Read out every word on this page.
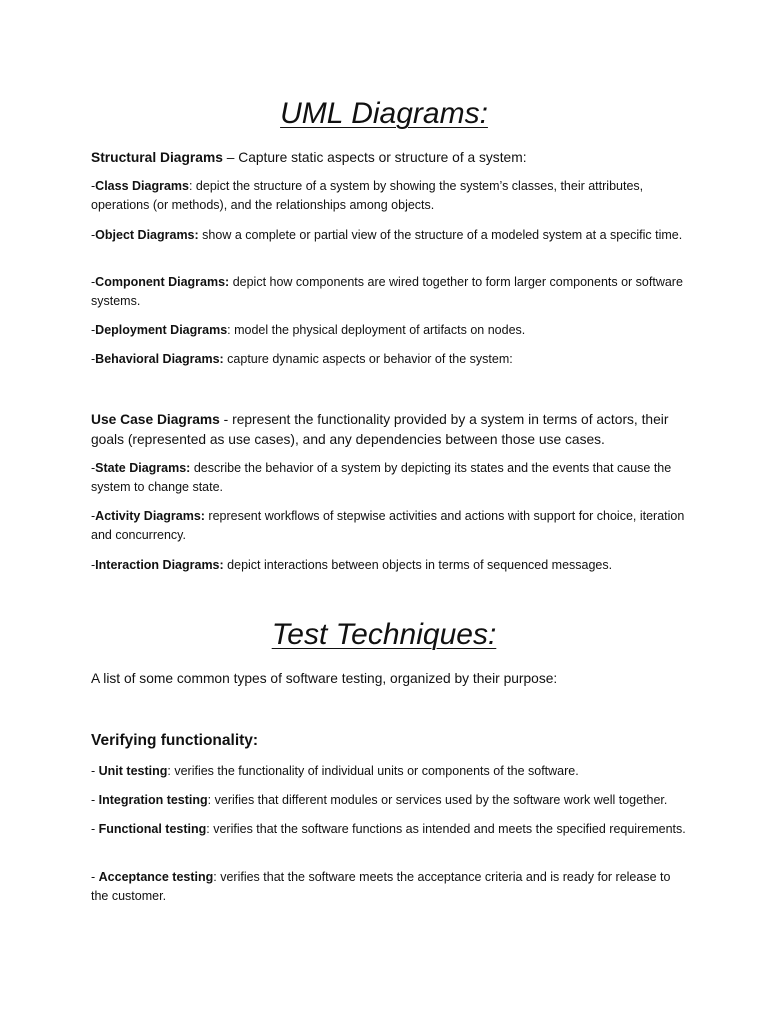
UML Diagrams:

Structural Diagrams – Capture static aspects or structure of a system:

-Class Diagrams: depict the structure of a system by showing the system’s classes, their attributes, operations (or methods), and the relationships among objects.

-Object Diagrams: show a complete or partial view of the structure of a modeled system at a specific time.

-Component Diagrams: depict how components are wired together to form larger components or software systems.

-Deployment Diagrams: model the physical deployment of artifacts on nodes.

-Behavioral Diagrams: capture dynamic aspects or behavior of the system:

Use Case Diagrams - represent the functionality provided by a system in terms of actors, their goals (represented as use cases), and any dependencies between those use cases.

-State Diagrams: describe the behavior of a system by depicting its states and the events that cause the system to change state.

-Activity Diagrams: represent workflows of stepwise activities and actions with support for choice, iteration and concurrency.

-Interaction Diagrams: depict interactions between objects in terms of sequenced messages.

Test Techniques:

A list of some common types of software testing, organized by their purpose:

Verifying functionality:

- Unit testing: verifies the functionality of individual units or components of the software.

- Integration testing: verifies that different modules or services used by the software work well together.

- Functional testing: verifies that the software functions as intended and meets the specified requirements.

- Acceptance testing: verifies that the software meets the acceptance criteria and is ready for release to the customer.
